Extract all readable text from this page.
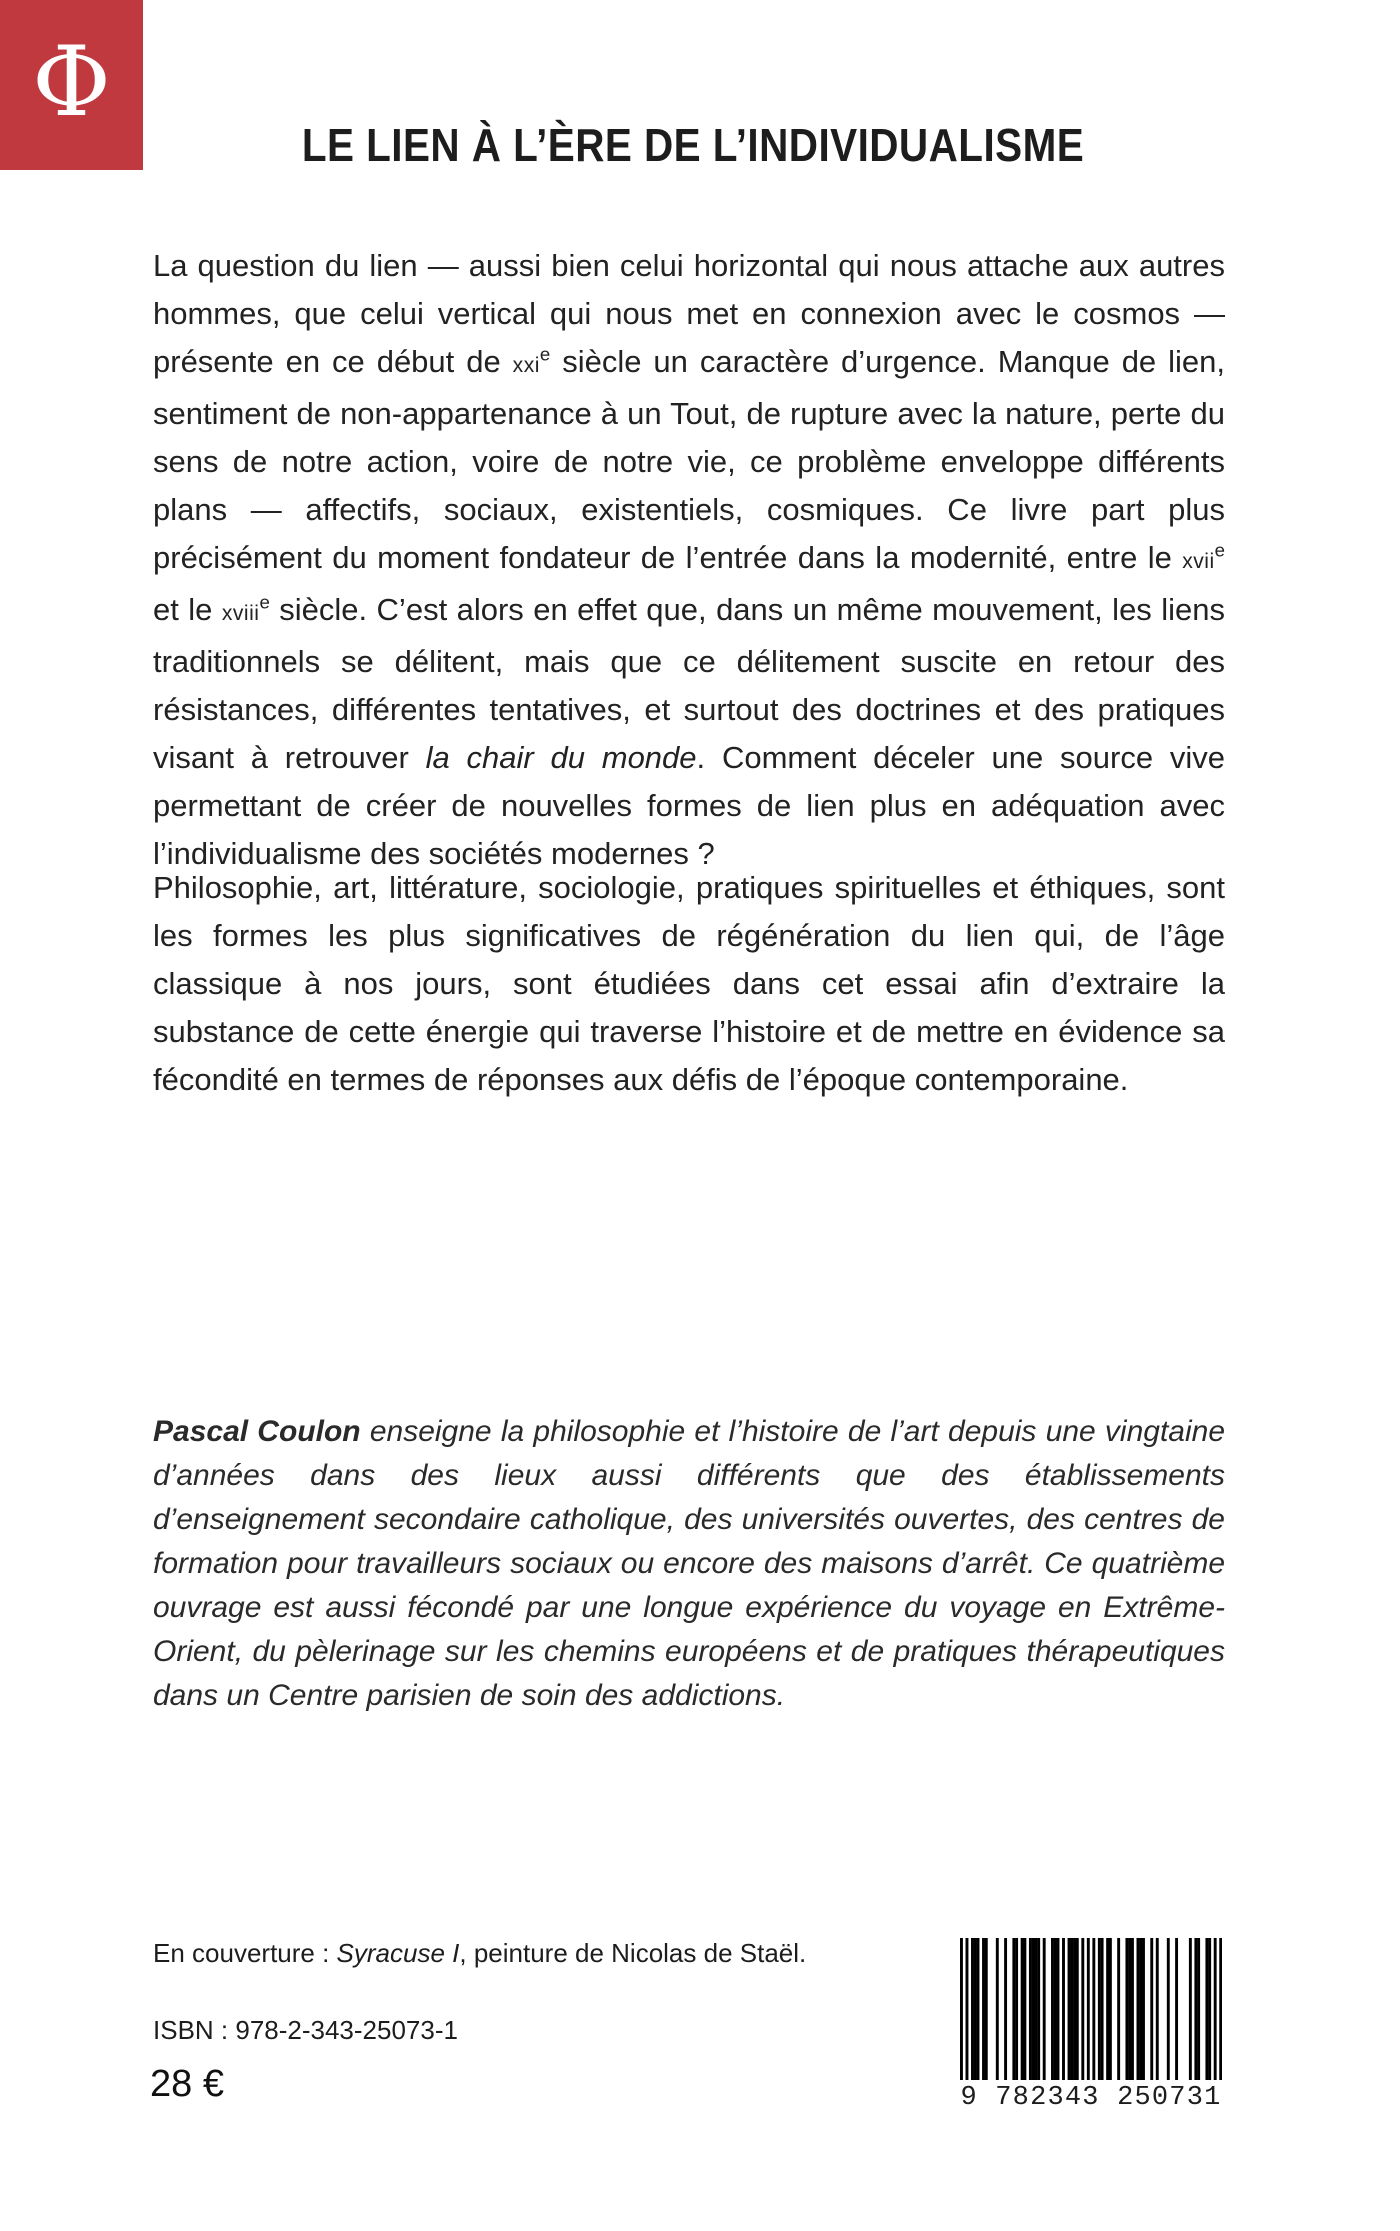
Φ
LE LIEN À L’ÈRE DE L’INDIVIDUALISME
La question du lien — aussi bien celui horizontal qui nous attache aux autres hommes, que celui vertical qui nous met en connexion avec le cosmos — présente en ce début de xxi$^e$ siècle un caractère d’urgence. Manque de lien, sentiment de non-appartenance à un Tout, de rupture avec la nature, perte du sens de notre action, voire de notre vie, ce problème enveloppe différents plans — affectifs, sociaux, existentiels, cosmiques. Ce livre part plus précisément du moment fondateur de l’entrée dans la modernité, entre le xvii$^e$ et le xviii$^e$ siècle. C’est alors en effet que, dans un même mouvement, les liens traditionnels se délitent, mais que ce délitement suscite en retour des résistances, différentes tentatives, et surtout des doctrines et des pratiques visant à retrouver la chair du monde. Comment déceler une source vive permettant de créer de nouvelles formes de lien plus en adéquation avec l’individualisme des sociétés modernes ?
Philosophie, art, littérature, sociologie, pratiques spirituelles et éthiques, sont les formes les plus significatives de régénération du lien qui, de l’âge classique à nos jours, sont étudiées dans cet essai afin d’extraire la substance de cette énergie qui traverse l’histoire et de mettre en évidence sa fécondité en termes de réponses aux défis de l’époque contemporaine.
Pascal Coulon enseigne la philosophie et l’histoire de l’art depuis une vingtaine d’années dans des lieux aussi différents que des établissements d’enseignement secondaire catholique, des universités ouvertes, des centres de formation pour travailleurs sociaux ou encore des maisons d’arrêt. Ce quatrième ouvrage est aussi fécondé par une longue expérience du voyage en Extrême-Orient, du pèlerinage sur les chemins européens et de pratiques thérapeutiques dans un Centre parisien de soin des addictions.
En couverture : Syracuse I, peinture de Nicolas de Staël.
ISBN : 978-2-343-25073-1
28 €	9 782343 250731
